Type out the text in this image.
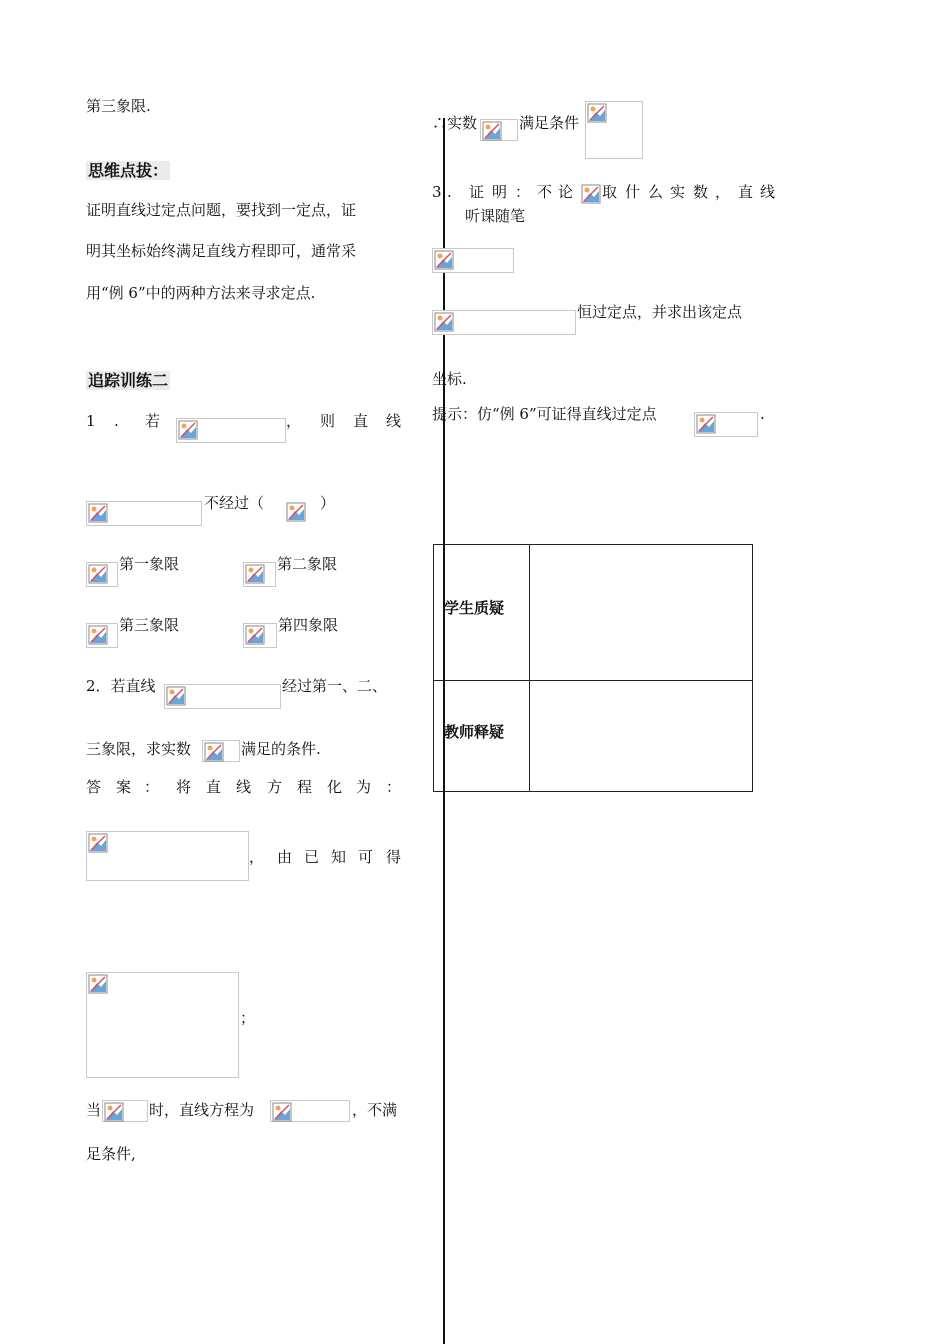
第三象限.
思维点拔：
证明直线过定点问题，要找到一定点，证
明其坐标始终满足直线方程即可，通常采
用“例 6”中的两种方法来寻求定点.
追踪训练二
1 . 若	， 则 直 线
不经过（	）
第一象限	第二象限
第三象限	第四象限
2．若直线	经过第一、二、
三象限，求实数	满足的条件.
答 案 ： 将 直 线 方 程 化 为 ：
， 由 已 知 可 得
；
当	时，直线方程为	，不满
足条件,
∴实数	满足条件
3 . 证 明 ： 不 论 取 什 么 实 数 ， 直 线
听课随笔
恒过定点，并求出该定点
坐标.
提示：仿“例 6”可证得直线过定点	.
学生质疑
教师释疑
